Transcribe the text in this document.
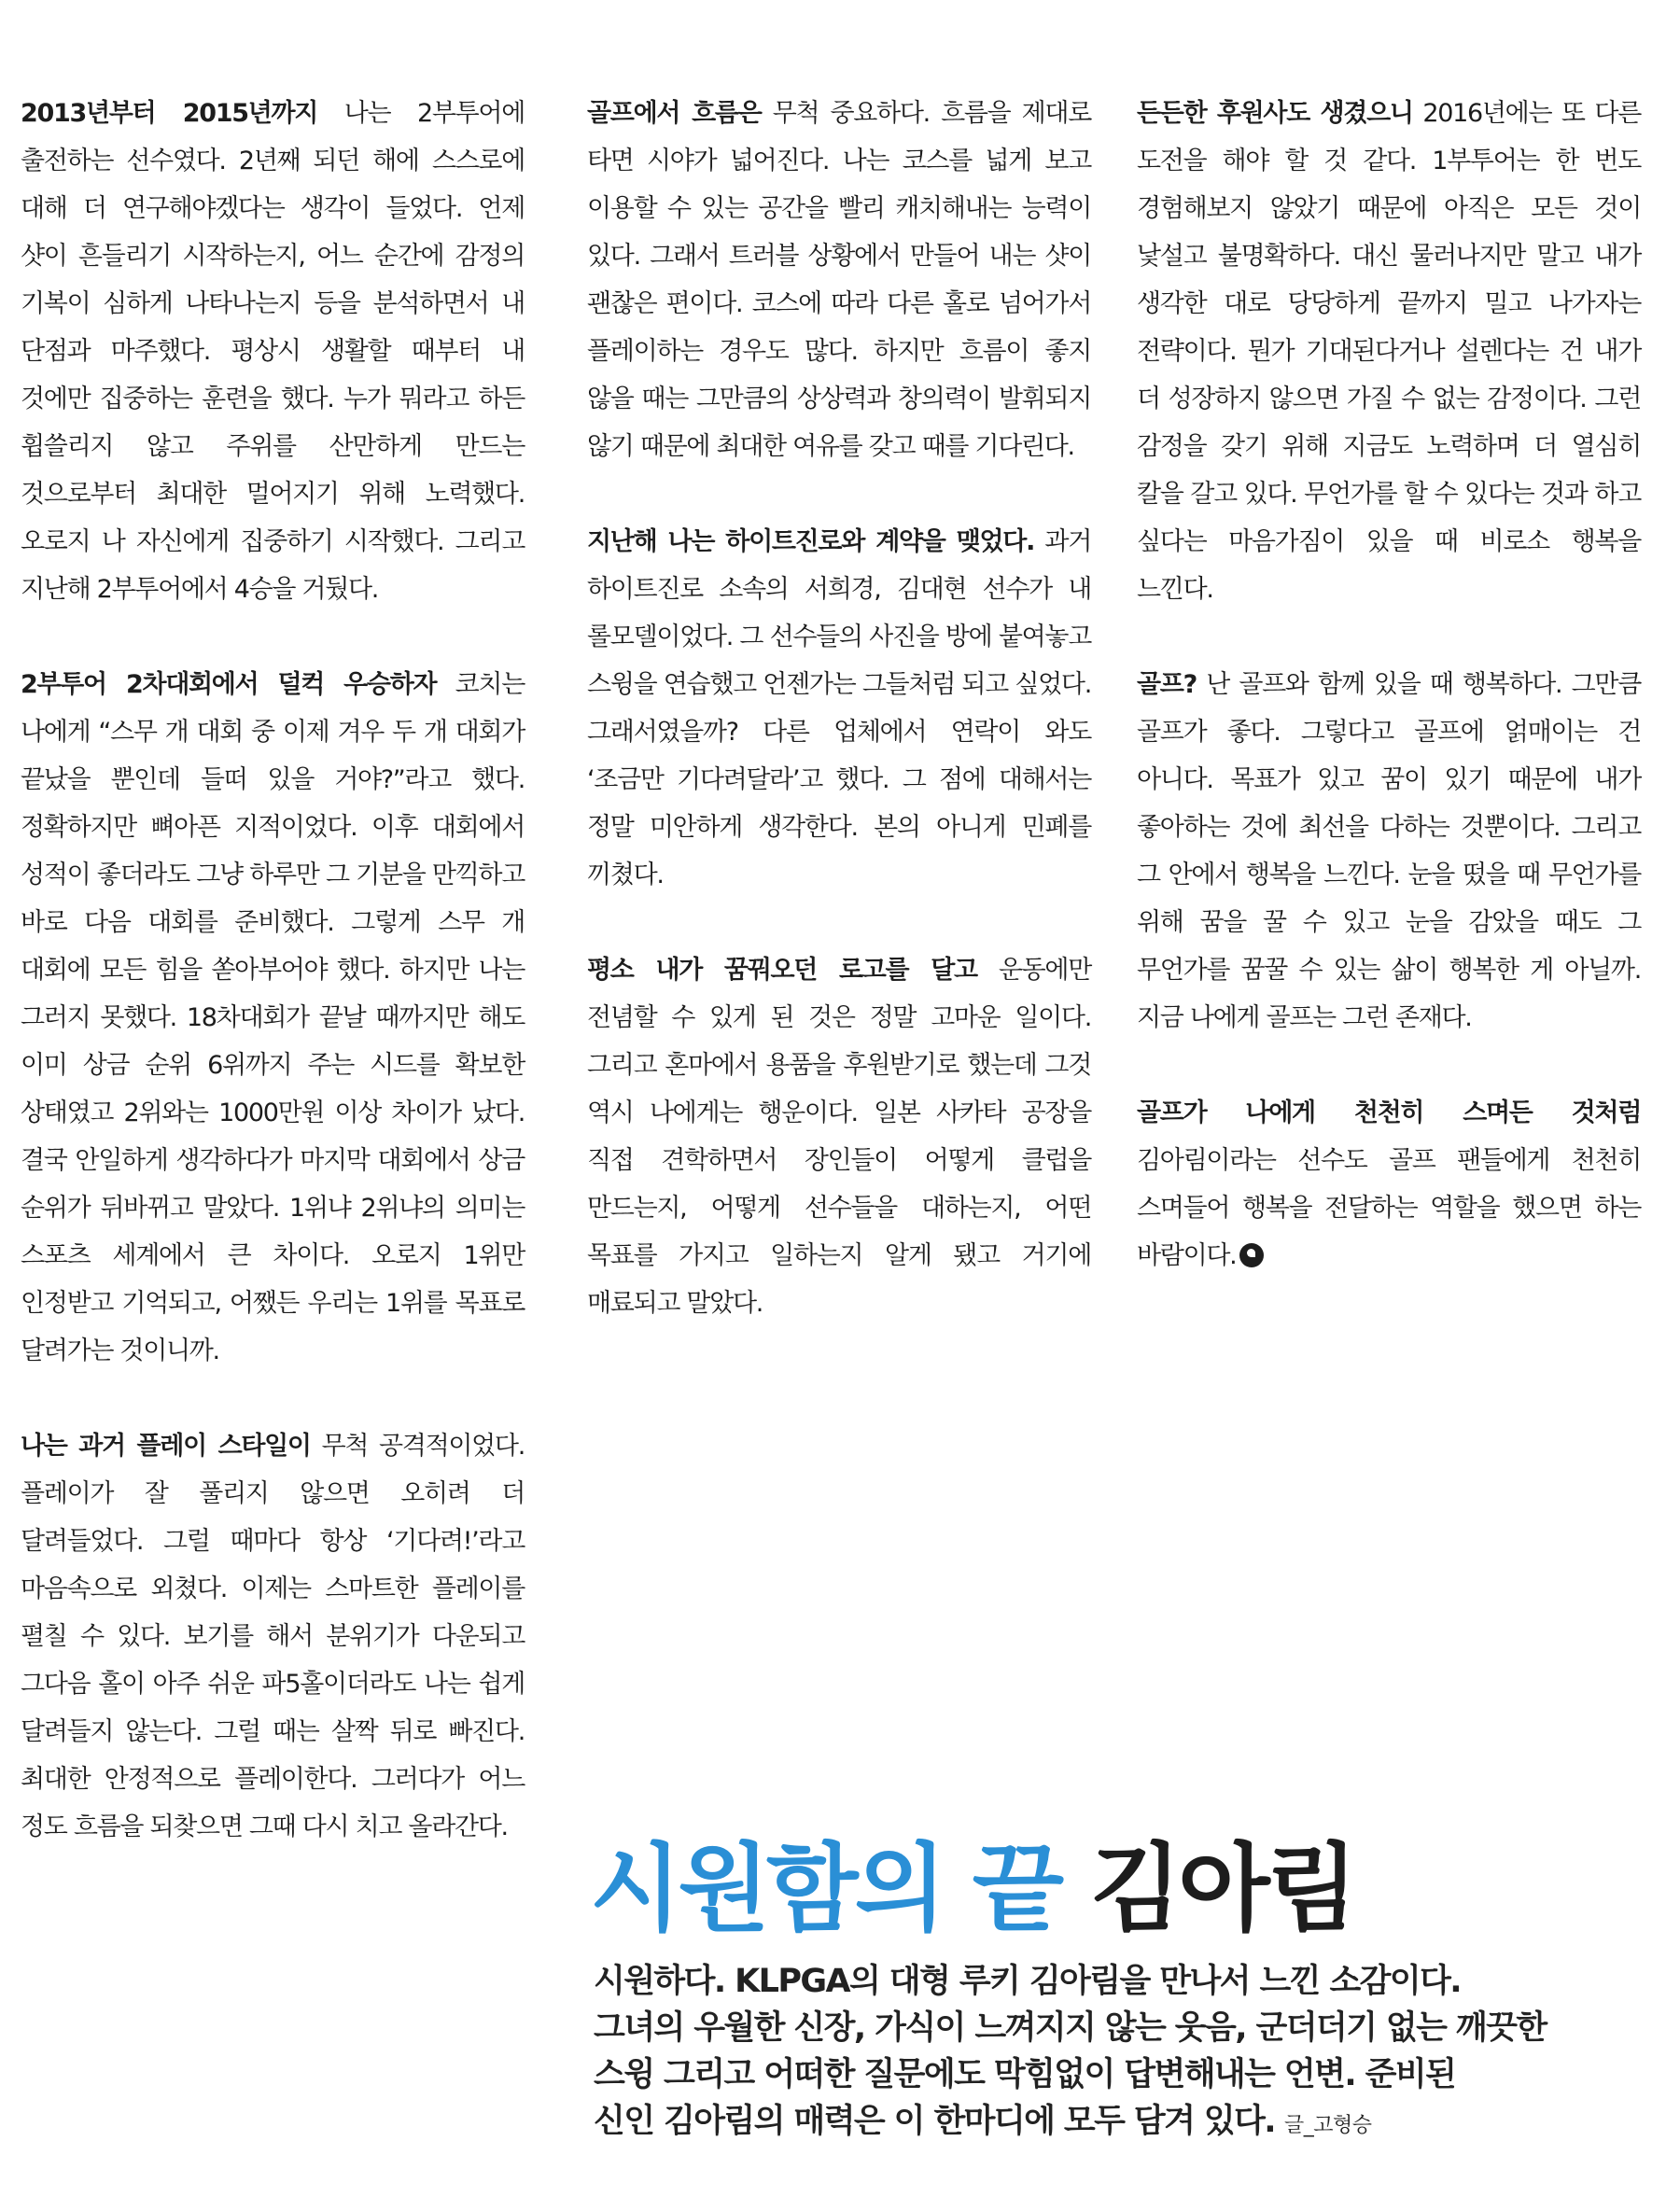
2013년부터 2015년까지 나는 2부투어에 출전하는 선수였다. 2년째 되던 해에 스스로에 대해 더 연구해야겠다는 생각이 들었다. 언제 샷이 흔들리기 시작하는지, 어느 순간에 감정의 기복이 심하게 나타나는지 등을 분석하면서 내 단점과 마주했다. 평상시 생활할 때부터 내 것에만 집중하는 훈련을 했다. 누가 뭐라고 하든 휩쓸리지 않고 주위를 산만하게 만드는 것으로부터 최대한 멀어지기 위해 노력했다. 오로지 나 자신에게 집중하기 시작했다. 그리고 지난해 2부투어에서 4승을 거뒀다.

2부투어 2차대회에서 덜컥 우승하자 코치는 나에게 “스무 개 대회 중 이제 겨우 두 개 대회가 끝났을 뿐인데 들떠 있을 거야?”라고 했다. 정확하지만 뼈아픈 지적이었다. 이후 대회에서 성적이 좋더라도 그냥 하루만 그 기분을 만끽하고 바로 다음 대회를 준비했다. 그렇게 스무 개 대회에 모든 힘을 쏟아부어야 했다. 하지만 나는 그러지 못했다. 18차대회가 끝날 때까지만 해도 이미 상금 순위 6위까지 주는 시드를 확보한 상태였고 2위와는 1000만원 이상 차이가 났다. 결국 안일하게 생각하다가 마지막 대회에서 상금 순위가 뒤바뀌고 말았다. 1위냐 2위냐의 의미는 스포츠 세계에서 큰 차이다. 오로지 1위만 인정받고 기억되고, 어쨌든 우리는 1위를 목표로 달려가는 것이니까.

나는 과거 플레이 스타일이 무척 공격적이었다. 플레이가 잘 풀리지 않으면 오히려 더 달려들었다. 그럴 때마다 항상 ‘기다려!’라고 마음속으로 외쳤다. 이제는 스마트한 플레이를 펼칠 수 있다. 보기를 해서 분위기가 다운되고 그다음 홀이 아주 쉬운 파5홀이더라도 나는 쉽게 달려들지 않는다. 그럴 때는 살짝 뒤로 빠진다. 최대한 안정적으로 플레이한다. 그러다가 어느 정도 흐름을 되찾으면 그때 다시 치고 올라간다.

골프에서 흐름은 무척 중요하다. 흐름을 제대로 타면 시야가 넓어진다. 나는 코스를 넓게 보고 이용할 수 있는 공간을 빨리 캐치해내는 능력이 있다. 그래서 트러블 상황에서 만들어 내는 샷이 괜찮은 편이다. 코스에 따라 다른 홀로 넘어가서 플레이하는 경우도 많다. 하지만 흐름이 좋지 않을 때는 그만큼의 상상력과 창의력이 발휘되지 않기 때문에 최대한 여유를 갖고 때를 기다린다.

지난해 나는 하이트진로와 계약을 맺었다. 과거 하이트진로 소속의 서희경, 김대현 선수가 내 롤모델이었다. 그 선수들의 사진을 방에 붙여놓고 스윙을 연습했고 언젠가는 그들처럼 되고 싶었다. 그래서였을까? 다른 업체에서 연락이 와도 ‘조금만 기다려달라’고 했다. 그 점에 대해서는 정말 미안하게 생각한다. 본의 아니게 민폐를 끼쳤다.

평소 내가 꿈꿔오던 로고를 달고 운동에만 전념할 수 있게 된 것은 정말 고마운 일이다. 그리고 혼마에서 용품을 후원받기로 했는데 그것 역시 나에게는 행운이다. 일본 사카타 공장을 직접 견학하면서 장인들이 어떻게 클럽을 만드는지, 어떻게 선수들을 대하는지, 어떤 목표를 가지고 일하는지 알게 됐고 거기에 매료되고 말았다.

든든한 후원사도 생겼으니 2016년에는 또 다른 도전을 해야 할 것 같다. 1부투어는 한 번도 경험해보지 않았기 때문에 아직은 모든 것이 낯설고 불명확하다. 대신 물러나지만 말고 내가 생각한 대로 당당하게 끝까지 밀고 나가자는 전략이다. 뭔가 기대된다거나 설렌다는 건 내가 더 성장하지 않으면 가질 수 없는 감정이다. 그런 감정을 갖기 위해 지금도 노력하며 더 열심히 칼을 갈고 있다. 무언가를 할 수 있다는 것과 하고 싶다는 마음가짐이 있을 때 비로소 행복을 느낀다.

골프? 난 골프와 함께 있을 때 행복하다. 그만큼 골프가 좋다. 그렇다고 골프에 얽매이는 건 아니다. 목표가 있고 꿈이 있기 때문에 내가 좋아하는 것에 최선을 다하는 것뿐이다. 그리고 그 안에서 행복을 느낀다. 눈을 떴을 때 무언가를 위해 꿈을 꿀 수 있고 눈을 감았을 때도 그 무언가를 꿈꿀 수 있는 삶이 행복한 게 아닐까. 지금 나에게 골프는 그런 존재다.

골프가 나에게 천천히 스며든 것처럼 김아림이라는 선수도 골프 팬들에게 천천히 스며들어 행복을 전달하는 역할을 했으면 하는 바람이다.

시원함의 끝 김아림
시원하다. KLPGA의 대형 루키 김아림을 만나서 느낀 소감이다.
그녀의 우월한 신장, 가식이 느껴지지 않는 웃음, 군더더기 없는 깨끗한
스윙 그리고 어떠한 질문에도 막힘없이 답변해내는 언변. 준비된
신인 김아림의 매력은 이 한마디에 모두 담겨 있다. 글_고형승
